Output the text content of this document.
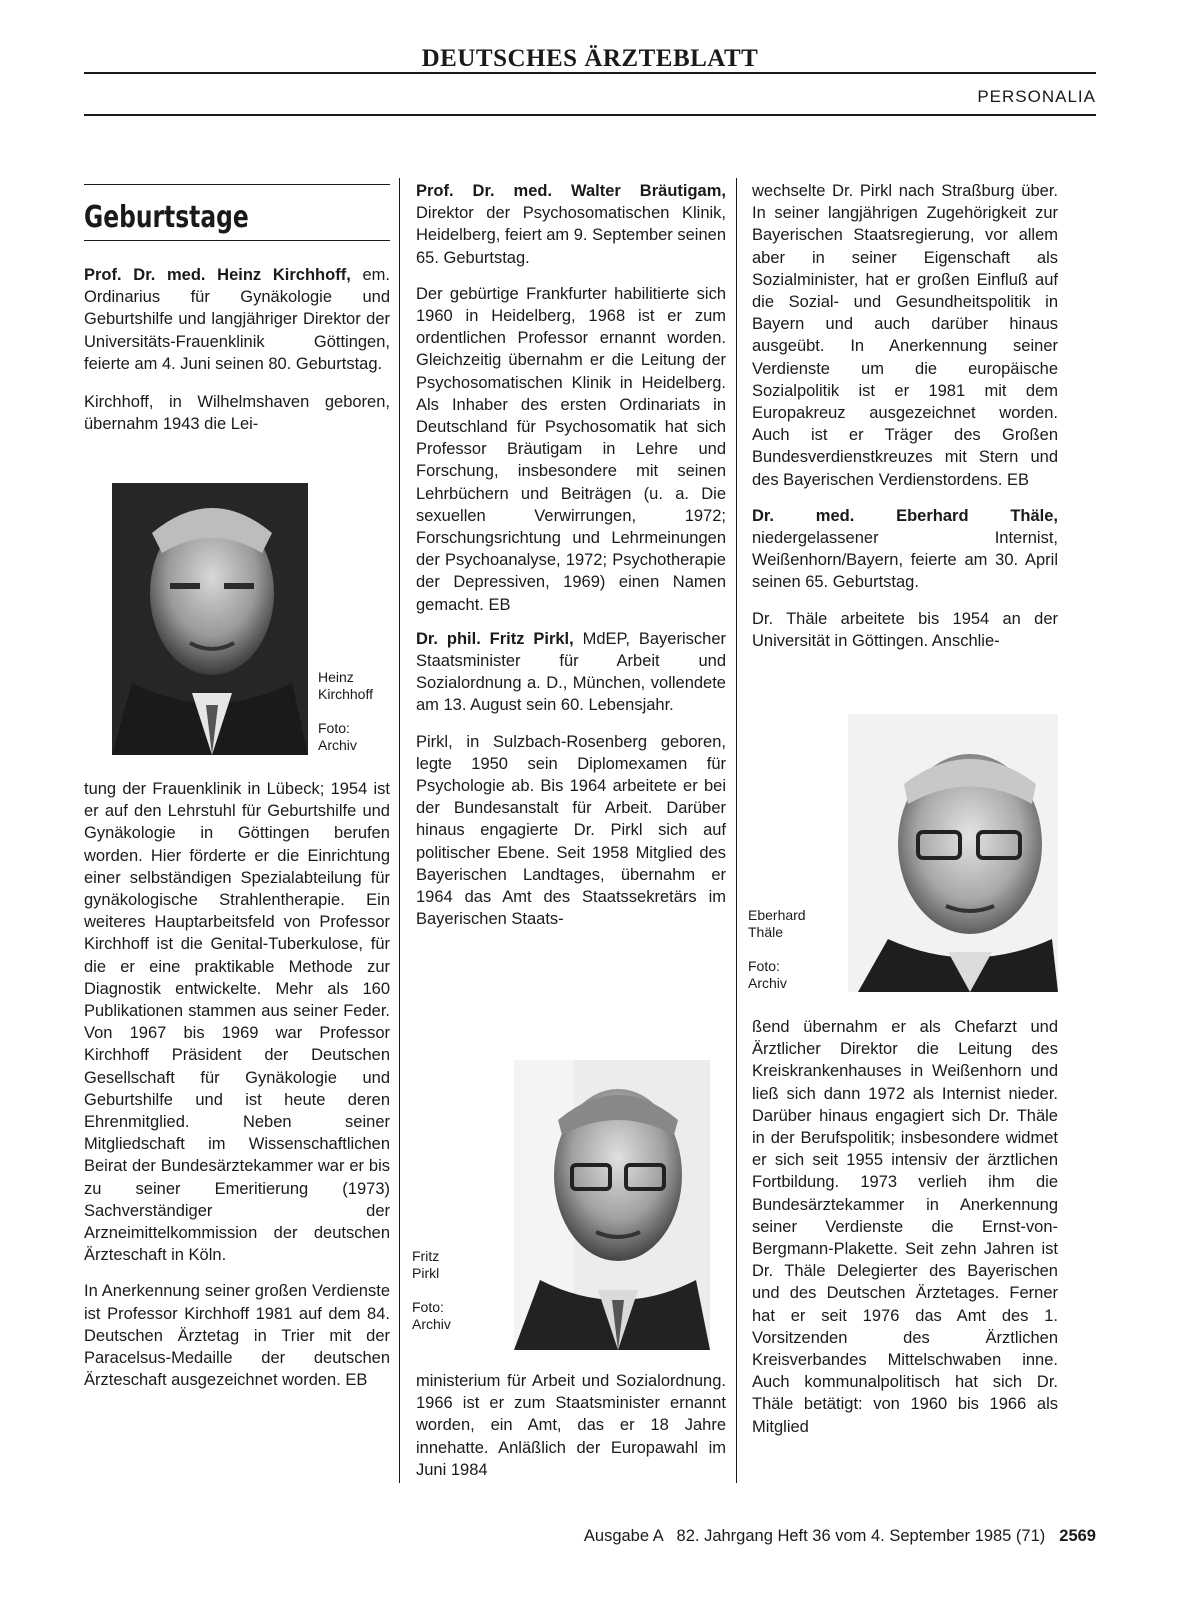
DEUTSCHES ÄRZTEBLATT
PERSONALIA
Geburtstage

Prof. Dr. med. Heinz Kirchhoff, em. Ordinarius für Gynäkologie und Geburtshilfe und langjähriger Direktor der Universitäts-Frauenklinik Göttingen, feierte am 4. Juni seinen 80. Geburtstag.

Kirchhoff, in Wilhelmshaven geboren, übernahm 1943 die Lei-

Heinz
Kirchhoff
Foto:
Archiv

tung der Frauenklinik in Lübeck; 1954 ist er auf den Lehrstuhl für Geburtshilfe und Gynäkologie in Göttingen berufen worden. Hier förderte er die Einrichtung einer selbständigen Spezialabteilung für gynäkologische Strahlentherapie. Ein weiteres Hauptarbeitsfeld von Professor Kirchhoff ist die Genital-Tuberkulose, für die er eine praktikable Methode zur Diagnostik entwickelte. Mehr als 160 Publikationen stammen aus seiner Feder. Von 1967 bis 1969 war Professor Kirchhoff Präsident der Deutschen Gesellschaft für Gynäkologie und Geburtshilfe und ist heute deren Ehrenmitglied. Neben seiner Mitgliedschaft im Wissenschaftlichen Beirat der Bundesärztekammer war er bis zu seiner Emeritierung (1973) Sachverständiger der Arzneimittelkommission der deutschen Ärzteschaft in Köln.

In Anerkennung seiner großen Verdienste ist Professor Kirchhoff 1981 auf dem 84. Deutschen Ärztetag in Trier mit der Paracelsus-Medaille der deutschen Ärzteschaft ausgezeichnet worden. EB

Prof. Dr. med. Walter Bräutigam, Direktor der Psychosomatischen Klinik, Heidelberg, feiert am 9. September seinen 65. Geburtstag.

Der gebürtige Frankfurter habilitierte sich 1960 in Heidelberg, 1968 ist er zum ordentlichen Professor ernannt worden. Gleichzeitig übernahm er die Leitung der Psychosomatischen Klinik in Heidelberg. Als Inhaber des ersten Ordinariats in Deutschland für Psychosomatik hat sich Professor Bräutigam in Lehre und Forschung, insbesondere mit seinen Lehrbüchern und Beiträgen (u. a. Die sexuellen Verwirrungen, 1972; Forschungsrichtung und Lehrmeinungen der Psychoanalyse, 1972; Psychotherapie der Depressiven, 1969) einen Namen gemacht. EB

Dr. phil. Fritz Pirkl, MdEP, Bayerischer Staatsminister für Arbeit und Sozialordnung a. D., München, vollendete am 13. August sein 60. Lebensjahr.

Pirkl, in Sulzbach-Rosenberg geboren, legte 1950 sein Diplomexamen für Psychologie ab. Bis 1964 arbeitete er bei der Bundesanstalt für Arbeit. Darüber hinaus engagierte Dr. Pirkl sich auf politischer Ebene. Seit 1958 Mitglied des Bayerischen Landtages, übernahm er 1964 das Amt des Staatssekretärs im Bayerischen Staats-

Fritz
Pirkl
Foto:
Archiv

ministerium für Arbeit und Sozialordnung. 1966 ist er zum Staatsminister ernannt worden, ein Amt, das er 18 Jahre innehatte. Anläßlich der Europawahl im Juni 1984

wechselte Dr. Pirkl nach Straßburg über. In seiner langjährigen Zugehörigkeit zur Bayerischen Staatsregierung, vor allem aber in seiner Eigenschaft als Sozialminister, hat er großen Einfluß auf die Sozial- und Gesundheitspolitik in Bayern und auch darüber hinaus ausgeübt. In Anerkennung seiner Verdienste um die europäische Sozialpolitik ist er 1981 mit dem Europakreuz ausgezeichnet worden. Auch ist er Träger des Großen Bundesverdienstkreuzes mit Stern und des Bayerischen Verdienstordens. EB

Dr. med. Eberhard Thäle, niedergelassener Internist, Weißenhorn/Bayern, feierte am 30. April seinen 65. Geburtstag.

Dr. Thäle arbeitete bis 1954 an der Universität in Göttingen. Anschlie-

Eberhard
Thäle
Foto:
Archiv

ßend übernahm er als Chefarzt und Ärztlicher Direktor die Leitung des Kreiskrankenhauses in Weißenhorn und ließ sich dann 1972 als Internist nieder. Darüber hinaus engagiert sich Dr. Thäle in der Berufspolitik; insbesondere widmet er sich seit 1955 intensiv der ärztlichen Fortbildung. 1973 verlieh ihm die Bundesärztekammer in Anerkennung seiner Verdienste die Ernst-von-Bergmann-Plakette. Seit zehn Jahren ist Dr. Thäle Delegierter des Bayerischen und des Deutschen Ärztetages. Ferner hat er seit 1976 das Amt des 1. Vorsitzenden des Ärztlichen Kreisverbandes Mittelschwaben inne. Auch kommunalpolitisch hat sich Dr. Thäle betätigt: von 1960 bis 1966 als Mitglied

Ausgabe A   82. Jahrgang Heft 36 vom 4. September 1985 (71) 2569
